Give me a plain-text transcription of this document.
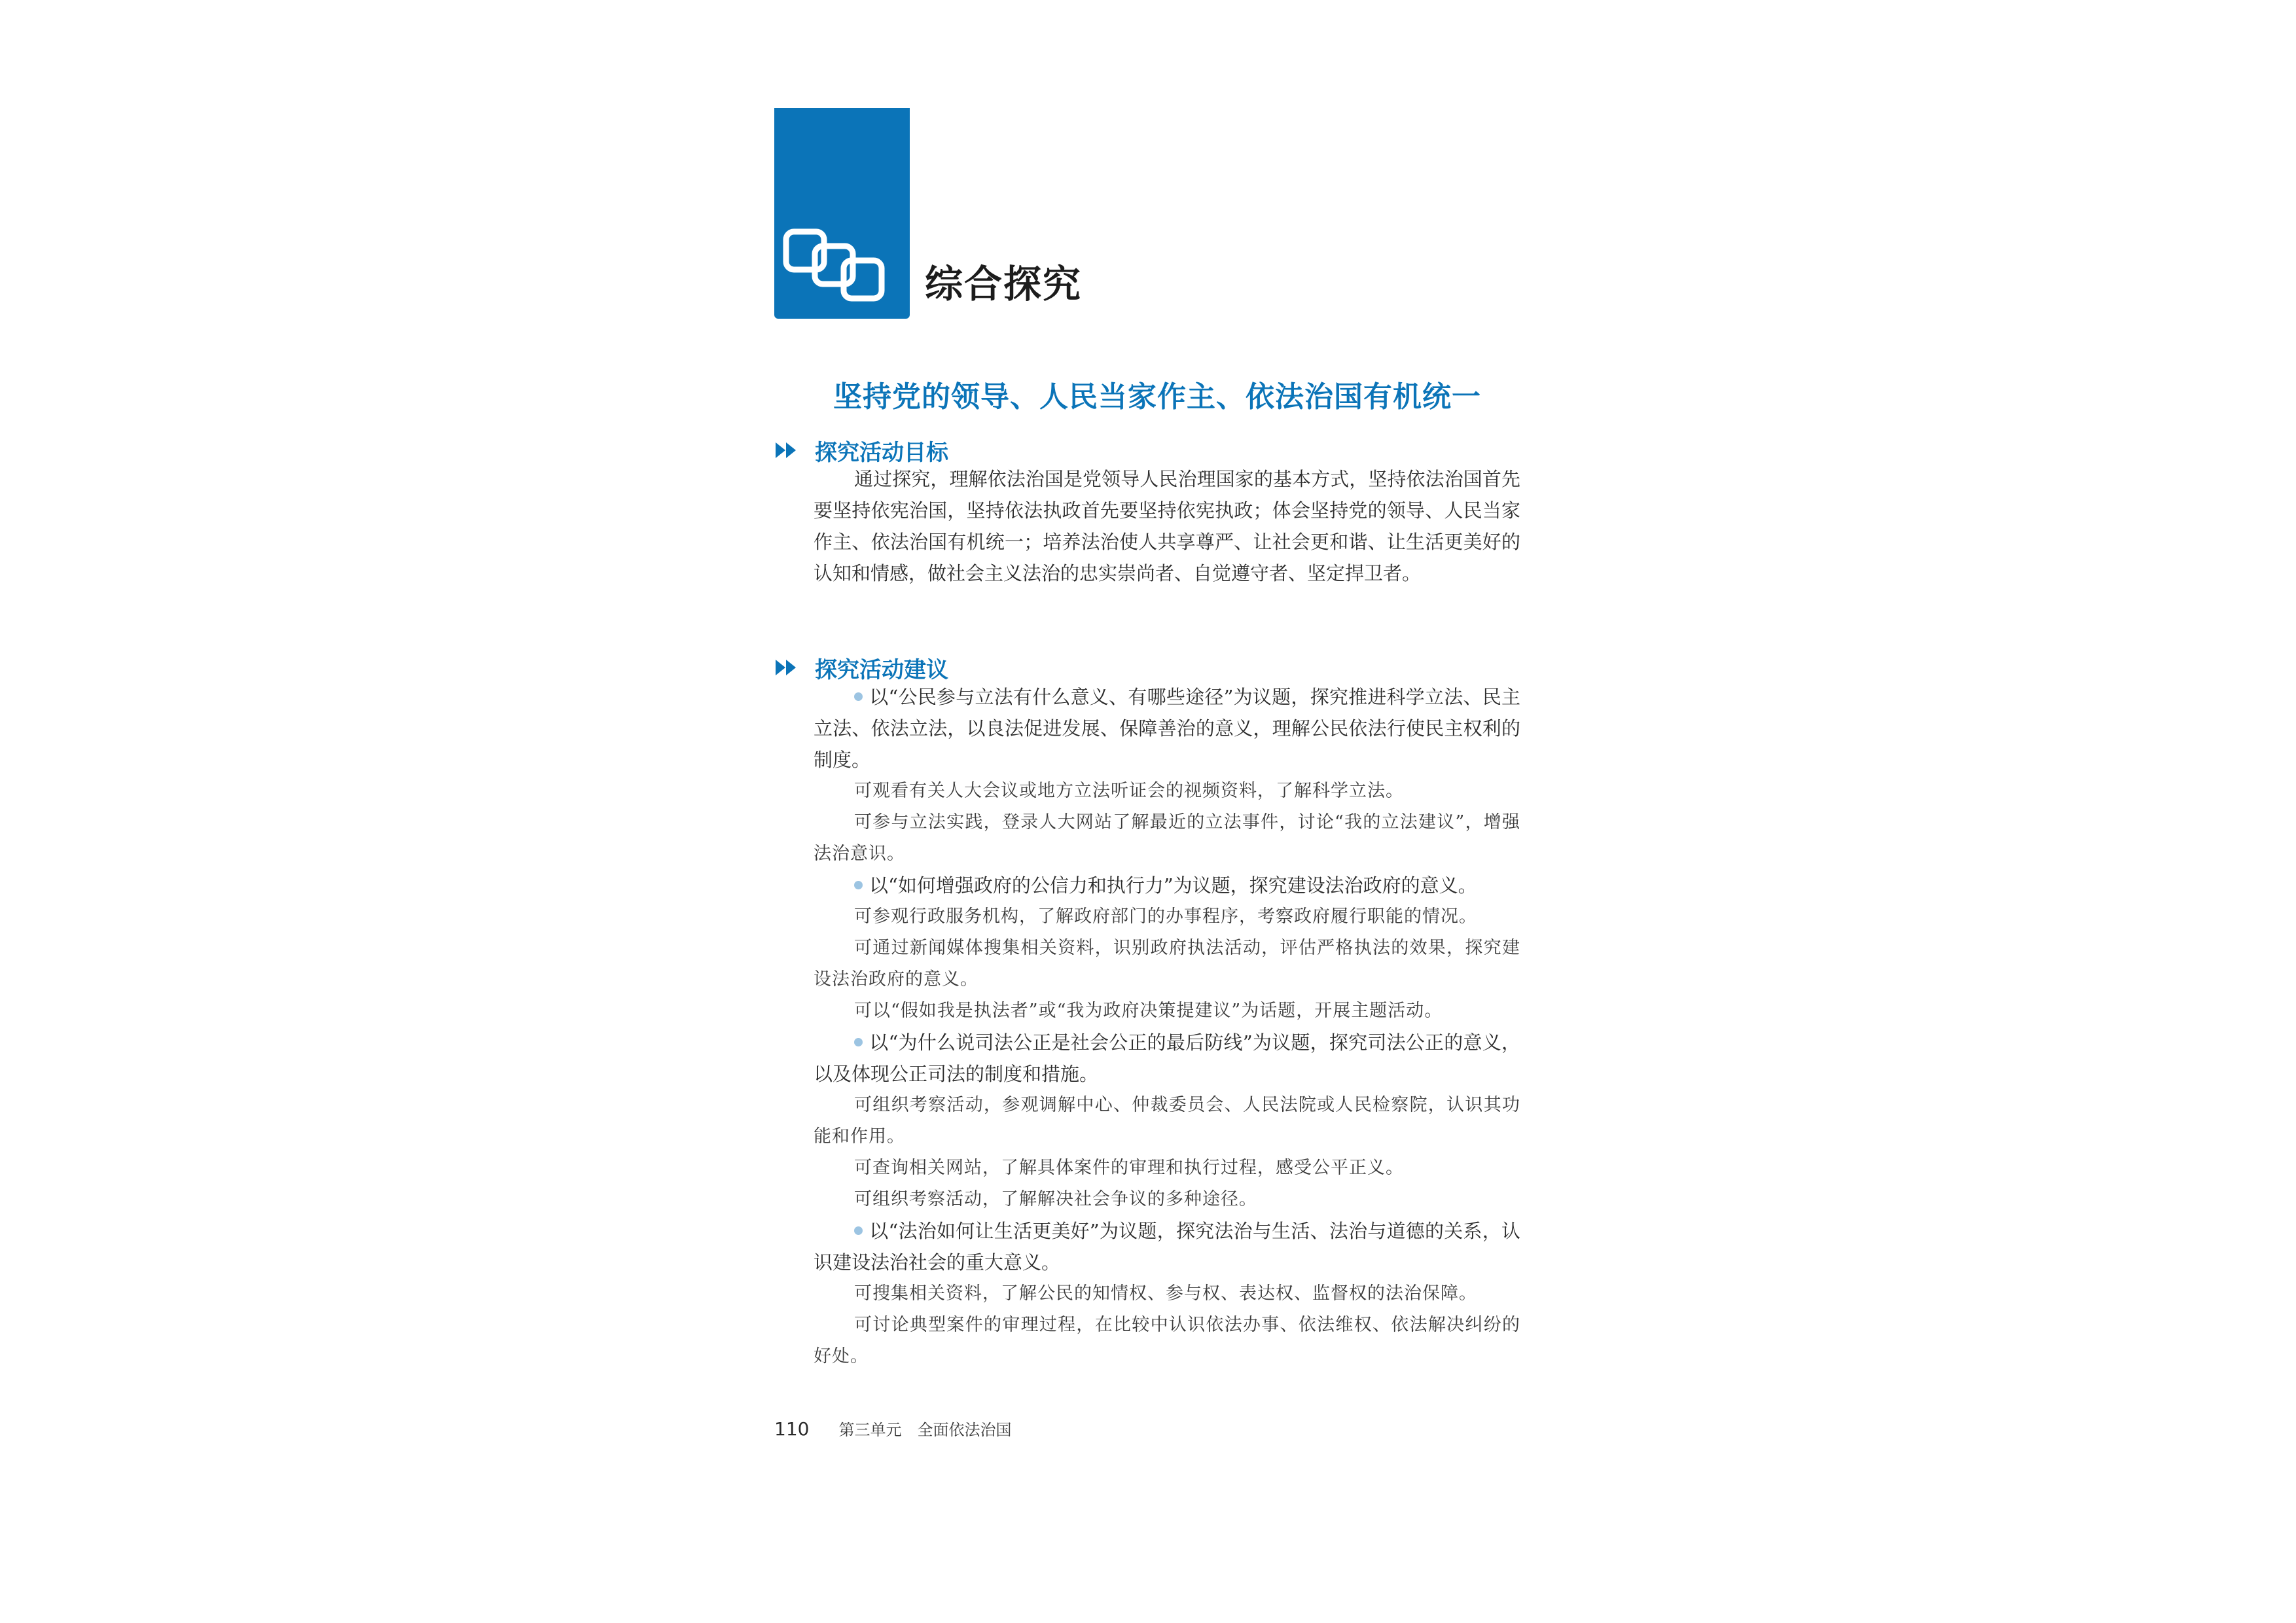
综合探究
坚持党的领导、人民当家作主、依法治国有机统一
探究活动目标

通过探究，理解依法治国是党领导人民治理国家的基本方式，坚持依法治国首先要坚持依宪治国，坚持依法执政首先要坚持依宪执政；体会坚持党的领导、人民当家作主、依法治国有机统一；培养法治使人共享尊严、让社会更和谐、让生活更美好的认知和情感，做社会主义法治的忠实崇尚者、自觉遵守者、坚定捍卫者。

探究活动建议

以“公民参与立法有什么意义、有哪些途径”为议题，探究推进科学立法、民主立法、依法立法，以良法促进发展、保障善治的意义，理解公民依法行使民主权利的制度。

可观看有关人大会议或地方立法听证会的视频资料，了解科学立法。

可参与立法实践，登录人大网站了解最近的立法事件，讨论“我的立法建议”，增强法治意识。

以“如何增强政府的公信力和执行力”为议题，探究建设法治政府的意义。

可参观行政服务机构，了解政府部门的办事程序，考察政府履行职能的情况。

可通过新闻媒体搜集相关资料，识别政府执法活动，评估严格执法的效果，探究建设法治政府的意义。

可以“假如我是执法者”或“我为政府决策提建议”为话题，开展主题活动。

以“为什么说司法公正是社会公正的最后防线”为议题，探究司法公正的意义，以及体现公正司法的制度和措施。

可组织考察活动，参观调解中心、仲裁委员会、人民法院或人民检察院，认识其功能和作用。

可查询相关网站，了解具体案件的审理和执行过程，感受公平正义。

可组织考察活动，了解解决社会争议的多种途径。

以“法治如何让生活更美好”为议题，探究法治与生活、法治与道德的关系，认识建设法治社会的重大意义。

可搜集相关资料，了解公民的知情权、参与权、表达权、监督权的法治保障。

可讨论典型案件的审理过程，在比较中认识依法办事、依法维权、依法解决纠纷的好处。

110 第三单元　全面依法治国
